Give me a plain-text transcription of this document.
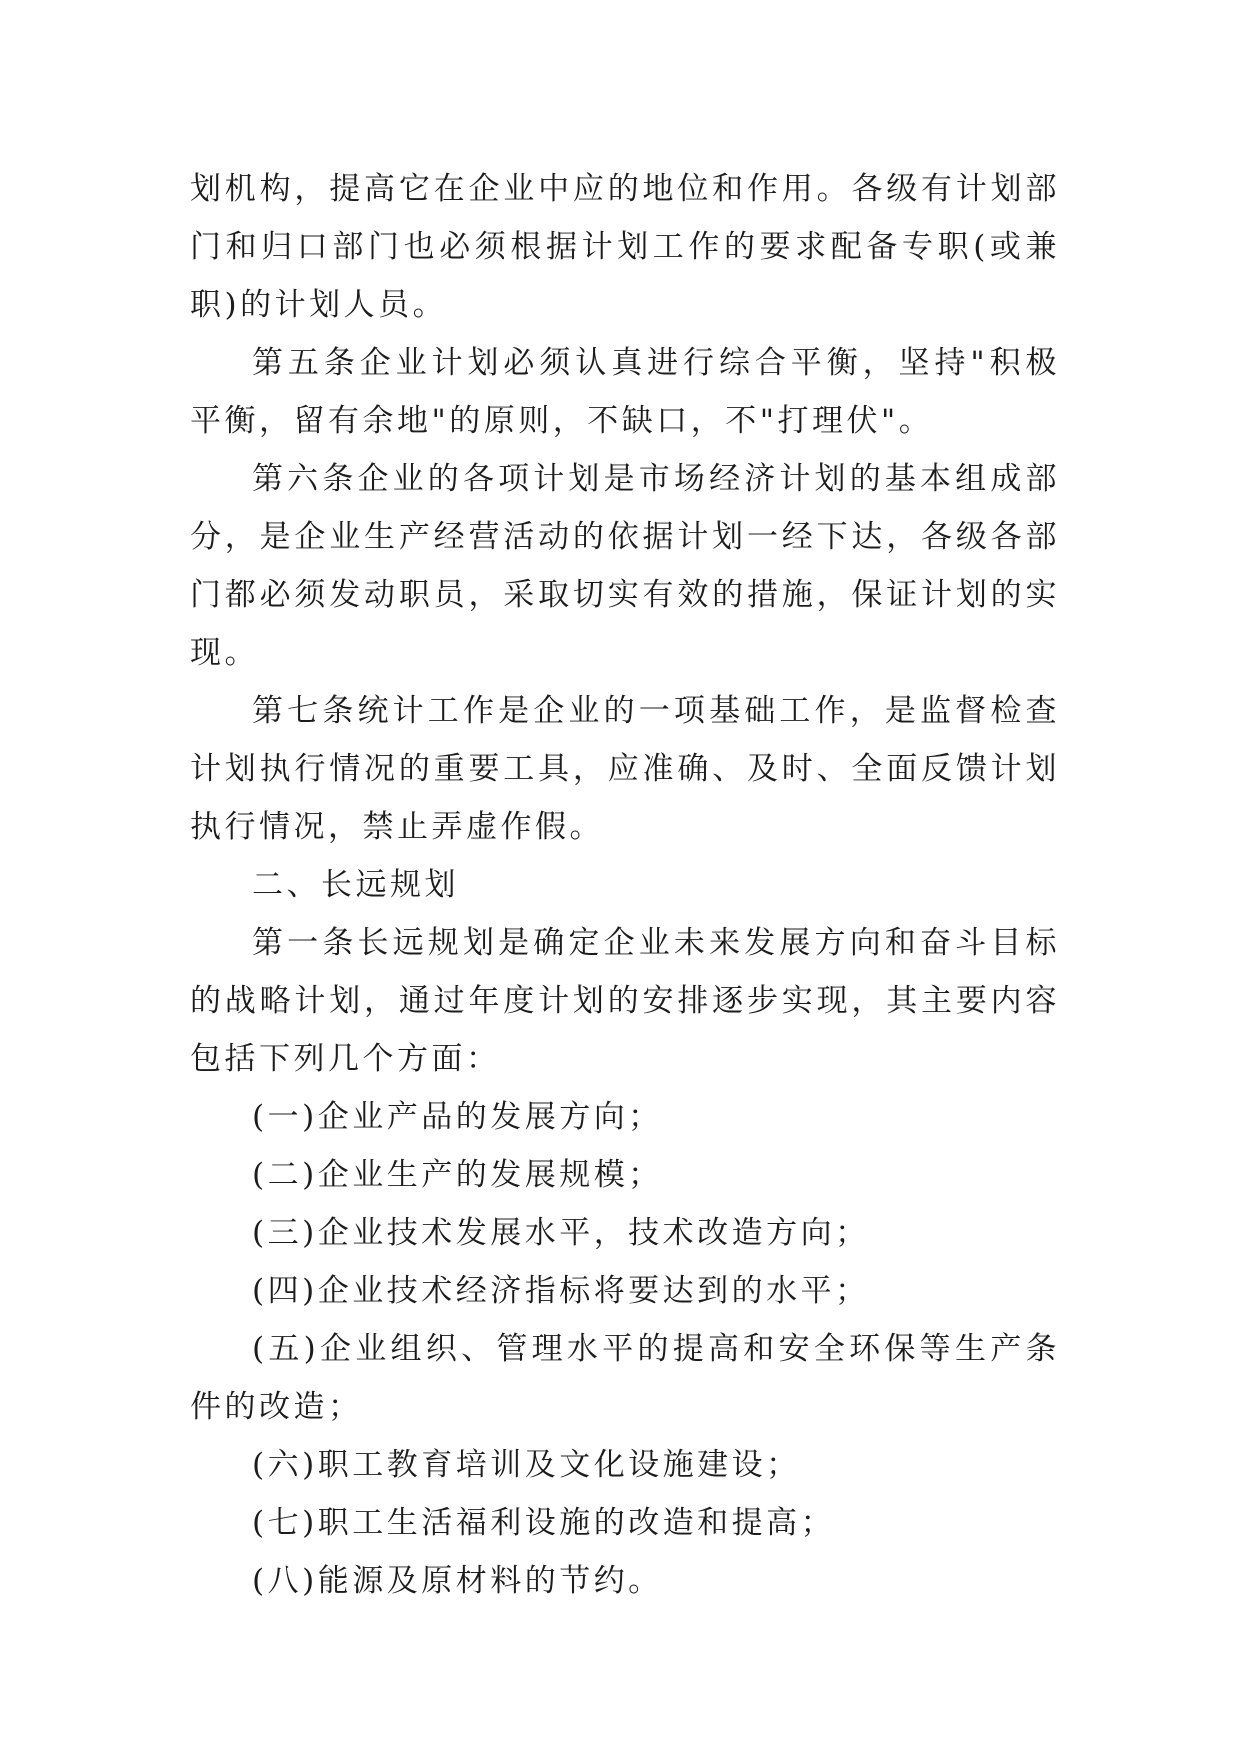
划机构，提高它在企业中应的地位和作用。各级有计划部门和归口部门也必须根据计划工作的要求配备专职(或兼职)的计划人员。

第五条企业计划必须认真进行综合平衡，坚持"积极平衡，留有余地"的原则，不缺口，不"打理伏"。

第六条企业的各项计划是市场经济计划的基本组成部分，是企业生产经营活动的依据计划一经下达，各级各部门都必须发动职员，采取切实有效的措施，保证计划的实现。

第七条统计工作是企业的一项基础工作，是监督检查计划执行情况的重要工具，应准确、及时、全面反馈计划执行情况，禁止弄虚作假。

二、长远规划

第一条长远规划是确定企业未来发展方向和奋斗目标的战略计划，通过年度计划的安排逐步实现，其主要内容包括下列几个方面：

(一)企业产品的发展方向；

(二)企业生产的发展规模；

(三)企业技术发展水平，技术改造方向；

(四)企业技术经济指标将要达到的水平；

(五)企业组织、管理水平的提高和安全环保等生产条件的改造；

(六)职工教育培训及文化设施建设；

(七)职工生活福利设施的改造和提高；

(八)能源及原材料的节约。
